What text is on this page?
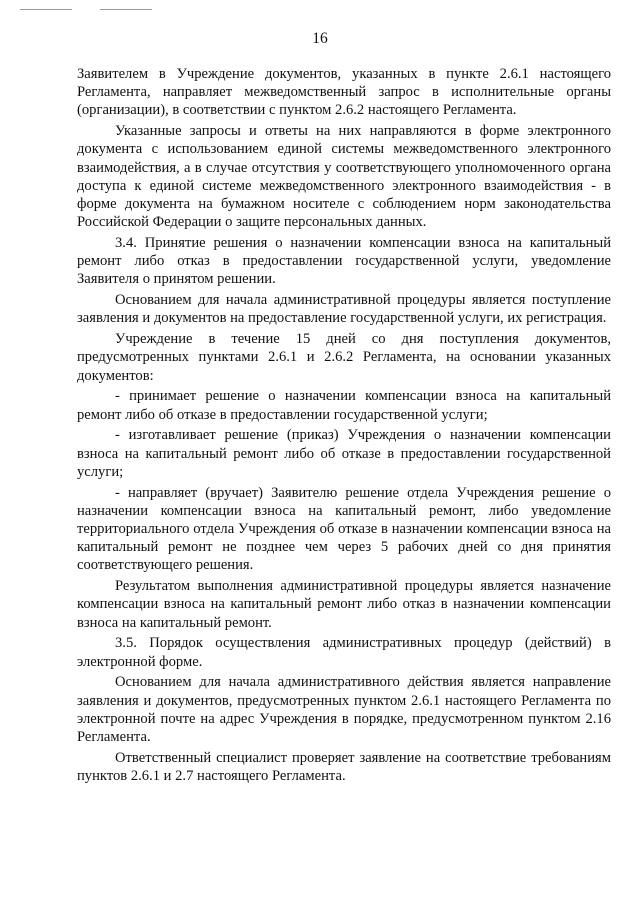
16

Заявителем в Учреждение документов, указанных в пункте 2.6.1 настоящего Регламента, направляет межведомственный запрос в исполнительные органы (организации), в соответствии с пунктом 2.6.2 настоящего Регламента.

Указанные запросы и ответы на них направляются в форме электронного документа с использованием единой системы межведомственного электронного взаимодействия, а в случае отсутствия у соответствующего уполномоченного органа доступа к единой системе межведомственного электронного взаимодействия - в форме документа на бумажном носителе с соблюдением норм законодательства Российской Федерации о защите персональных данных.

3.4. Принятие решения о назначении компенсации взноса на капитальный ремонт либо отказ в предоставлении государственной услуги, уведомление Заявителя о принятом решении.

Основанием для начала административной процедуры является поступление заявления и документов на предоставление государственной услуги, их регистрация.

Учреждение в течение 15 дней со дня поступления документов, предусмотренных пунктами 2.6.1 и 2.6.2 Регламента, на основании указанных документов:

- принимает решение о назначении компенсации взноса на капитальный ремонт либо об отказе в предоставлении государственной услуги;

- изготавливает решение (приказ) Учреждения о назначении компенсации взноса на капитальный ремонт либо об отказе в предоставлении государственной услуги;

- направляет (вручает) Заявителю решение отдела Учреждения решение о назначении компенсации взноса на капитальный ремонт, либо уведомление территориального отдела Учреждения об отказе в назначении компенсации взноса на капитальный ремонт не позднее чем через 5 рабочих дней со дня принятия соответствующего решения.

Результатом выполнения административной процедуры является назначение компенсации взноса на капитальный ремонт либо отказ в назначении компенсации взноса на капитальный ремонт.

3.5. Порядок осуществления административных процедур (действий) в электронной форме.

Основанием для начала административного действия является направление заявления и документов, предусмотренных пунктом 2.6.1 настоящего Регламента по электронной почте на адрес Учреждения в порядке, предусмотренном пунктом 2.16 Регламента.

Ответственный специалист проверяет заявление на соответствие требованиям пунктов 2.6.1 и 2.7 настоящего Регламента.
